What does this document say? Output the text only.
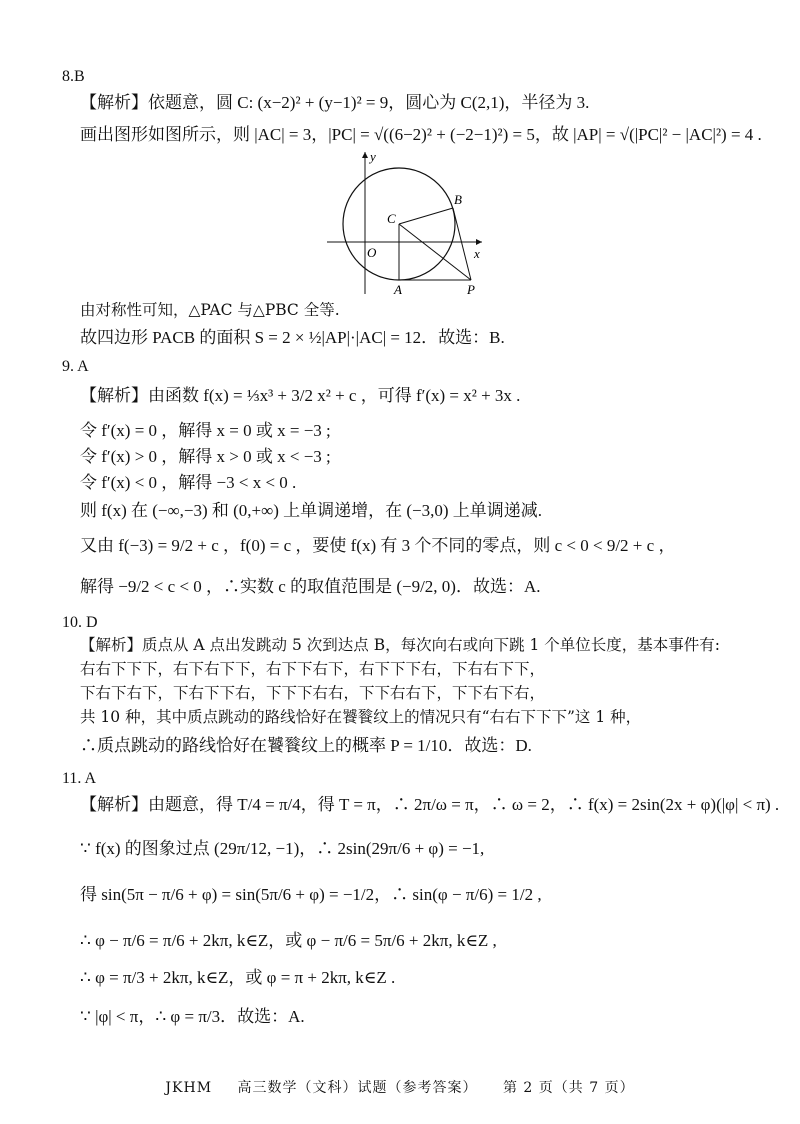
8.B
【解析】依题意，圆 C: (x−2)² + (y−1)² = 9，圆心为 C(2,1)，半径为 3.
画出图形如图所示，则 |AC| = 3，|PC| = √((6−2)² + (−2−1)²) = 5，故 |AP| = √(|PC|² − |AC|²) = 4 .
y
x
O
C
B
A	P
由对称性可知，△PAC 与△PBC 全等.
故四边形 PACB 的面积 S = 2 × ½|AP|·|AC| = 12．故选：B.
9. A
【解析】由函数 f(x) = ⅓x³ + 3/2 x² + c ，可得 f′(x) = x² + 3x .
令 f′(x) = 0 ，解得 x = 0 或 x = −3 ;
令 f′(x) > 0 ，解得 x > 0 或 x < −3 ;
令 f′(x) < 0 ，解得 −3 < x < 0 .
则 f(x) 在 (−∞,−3) 和 (0,+∞) 上单调递增，在 (−3,0) 上单调递减.
又由 f(−3) = 9/2 + c ，f(0) = c ，要使 f(x) 有 3 个不同的零点，则 c < 0 < 9/2 + c ，
解得 −9/2 < c < 0 ，∴实数 c 的取值范围是 (−9/2, 0)．故选：A.
10. D
【解析】质点从 A 点出发跳动 5 次到达点 B，每次向右或向下跳 1 个单位长度，基本事件有:
右右下下下，右下右下下，右下下右下，右下下下右，下右右下下，
下右下右下，下右下下右，下下下右右，下下右右下，下下右下右，
共 10 种，其中质点跳动的路线恰好在饕餮纹上的情况只有“右右下下下”这 1 种，
∴质点跳动的路线恰好在饕餮纹上的概率 P = 1/10．故选：D.
11. A
【解析】由题意，得 T/4 = π/4，得 T = π，∴ 2π/ω = π，∴ ω = 2，∴ f(x) = 2sin(2x + φ)(|φ| < π) .
∵ f(x) 的图象过点 (29π/12, −1)，∴ 2sin(29π/6 + φ) = −1,
得 sin(5π − π/6 + φ) = sin(5π/6 + φ) = −1/2，∴ sin(φ − π/6) = 1/2 ,
∴ φ − π/6 = π/6 + 2kπ, k∈Z，或 φ − π/6 = 5π/6 + 2kπ, k∈Z ,
∴ φ = π/3 + 2kπ, k∈Z，或 φ = π + 2kπ, k∈Z .
∵ |φ| < π，∴ φ = π/3．故选：A.
JKHM 高三数学（文科）试题（参考答案） 第 2 页（共 7 页）
